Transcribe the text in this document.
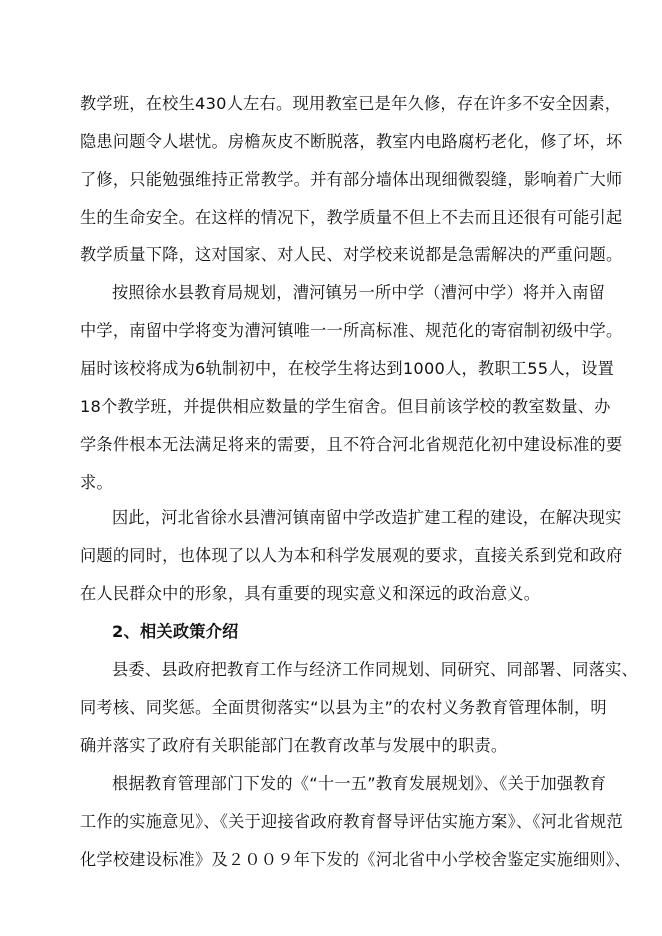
教学班，在校生430人左右。现用教室已是年久修，存在许多不安全因素，
隐患问题令人堪忧。房檐灰皮不断脱落，教室内电路腐朽老化，修了坏，坏
了修，只能勉强维持正常教学。并有部分墙体出现细微裂缝，影响着广大师
生的生命安全。在这样的情况下，教学质量不但上不去而且还很有可能引起
教学质量下降，这对国家、对人民、对学校来说都是急需解决的严重问题。
按照徐水县教育局规划，漕河镇另一所中学（漕河中学）将并入南留
中学，南留中学将变为漕河镇唯一一所高标准、规范化的寄宿制初级中学。
届时该校将成为6轨制初中，在校学生将达到1000人，教职工55人，设置
18个教学班，并提供相应数量的学生宿舍。但目前该学校的教室数量、办
学条件根本无法满足将来的需要，且不符合河北省规范化初中建设标准的要
求。
因此，河北省徐水县漕河镇南留中学改造扩建工程的建设，在解决现实
问题的同时，也体现了以人为本和科学发展观的要求，直接关系到党和政府
在人民群众中的形象，具有重要的现实意义和深远的政治意义。
2、相关政策介绍
县委、县政府把教育工作与经济工作同规划、同研究、同部署、同落实、
同考核、同奖惩。全面贯彻落实“以县为主”的农村义务教育管理体制，明
确并落实了政府有关职能部门在教育改革与发展中的职责。
根据教育管理部门下发的《“十一五”教育发展规划》、《关于加强教育
工作的实施意见》、《关于迎接省政府教育督导评估实施方案》、《河北省规范
化学校建设标准》及２００９年下发的《河北省中小学校舍鉴定实施细则》、
